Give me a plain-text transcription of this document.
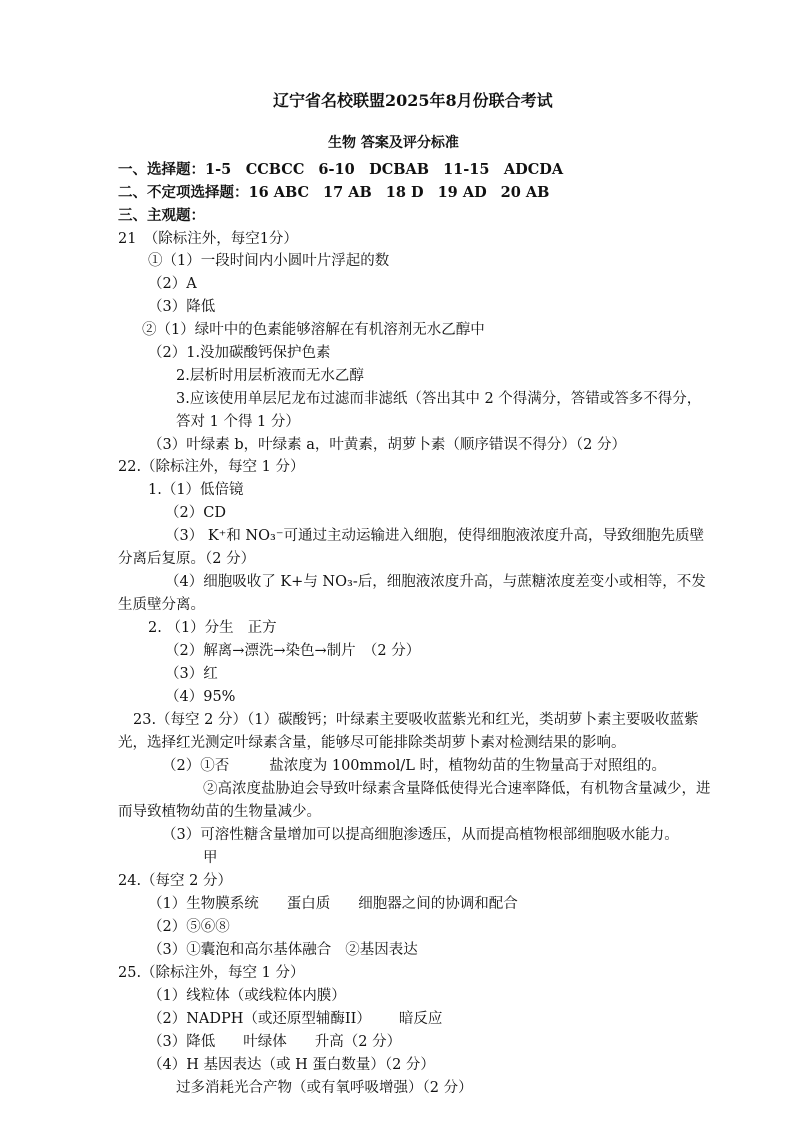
辽宁省名校联盟2025年8月份联合考试
生物 答案及评分标准
一、选择题：1-5　CCBCC 6-10　DCBAB 11-15　ADCDA
二、不定项选择题：16 ABC 17 AB 18 D 19 AD 20 AB
三、主观题：
21　（除标注外，每空1分）
①（1）一段时间内小圆叶片浮起的数
（2）A
（3）降低
②（1）绿叶中的色素能够溶解在有机溶剂无水乙醇中
（2）1.没加碳酸钙保护色素
2.层析时用层析液而无水乙醇
3.应该使用单层尼龙布过滤而非滤纸（答出其中 2 个得满分，答错或答多不得分，
答对 1 个得 1 分）
（3）叶绿素 b，叶绿素 a，叶黄素，胡萝卜素（顺序错误不得分）（2 分）
22.（除标注外，每空 1 分）
1.（1）低倍镜
（2）CD
（3） K⁺和 NO₃⁻可通过主动运输进入细胞，使得细胞液浓度升高，导致细胞先质壁
分离后复原。（2 分）
（4）细胞吸收了 K+与 NO₃-后，细胞液浓度升高，与蔗糖浓度差变小或相等，不发
生质壁分离。
2. （1）分生 正方
（2）解离→漂洗→染色→制片　（2 分）
（3）红
（4）95%
23.（每空 2 分）（1）碳酸钙；叶绿素主要吸收蓝紫光和红光，类胡萝卜素主要吸收蓝紫
光，选择红光测定叶绿素含量，能够尽可能排除类胡萝卜素对检测结果的影响。
（2）①否	盐浓度为 100mmol/L 时，植物幼苗的生物量高于对照组的。
②高浓度盐胁迫会导致叶绿素含量降低使得光合速率降低，有机物含量减少，进
而导致植物幼苗的生物量减少。
（3）可溶性糖含量增加可以提高细胞渗透压，从而提高植物根部细胞吸水能力。
甲
24.（每空 2 分）
（1）生物膜系统 蛋白质 细胞器之间的协调和配合
（2）⑤⑥⑧
（3）①囊泡和高尔基体融合 ②基因表达
25.（除标注外，每空 1 分）
（1）线粒体（或线粒体内膜）
（2）NADPH（或还原型辅酶II） 暗反应
（3）降低 叶绿体 升高（2 分）
（4）H 基因表达（或 H 蛋白数量）（2 分）
过多消耗光合产物（或有氧呼吸增强）（2 分）
